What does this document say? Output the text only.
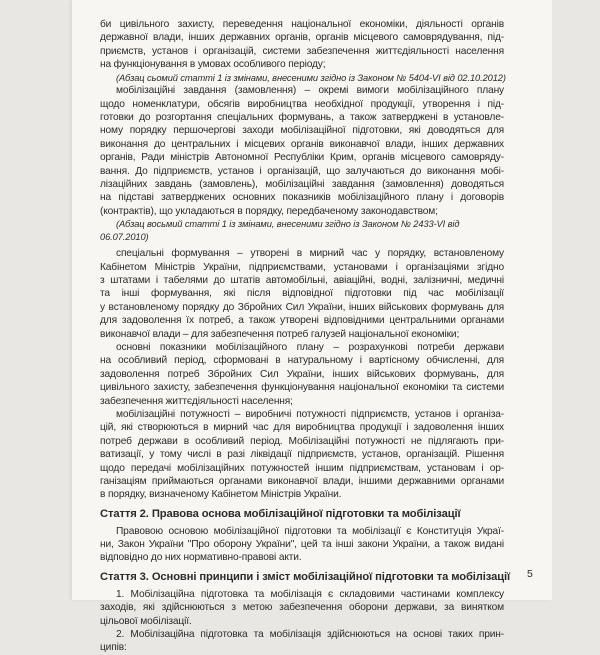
би цивільного захисту, переведення національної економіки, діяльності органів
державної влади, інших державних органів, органів місцевого самоврядування, під-
приємств, установ і організацій, системи забезпечення життєдіяльності населення
на функціонування в умовах особливого періоду;
(Абзац сьомий статті 1 із змінами, внесеними згідно із Законом № 5404-VI від 02.10.2012)
мобілізаційні завдання (замовлення) – окремі вимоги мобілізаційного плану
щодо номенклатури, обсягів виробництва необхідної продукції, утворення і під-
готовки до розгортання спеціальних формувань, а також затверджені в установле-
ному порядку першочергові заходи мобілізаційної підготовки, які доводяться для
виконання до центральних і місцевих органів виконавчої влади, інших державних
органів, Ради міністрів Автономної Республіки Крим, органів місцевого самовряду-
вання. До підприємств, установ і організацій, що залучаються до виконання мобі-
лізаційних завдань (замовлень), мобілізаційні завдання (замовлення) доводяться
на підставі затверджених основних показників мобілізаційного плану і договорів
(контрактів), що укладаються в порядку, передбаченому законодавством;
(Абзац восьмий статті 1 із змінами, внесеними згідно із Законом № 2433-VI від
06.07.2010)
спеціальні формування – утворені в мирний час у порядку, встановленому
Кабінетом Міністрів України, підприємствами, установами і організаціями згідно
з штатами і табелями до штатів автомобільні, авіаційні, водні, залізничні, медичні
та інші формування, які після відповідної підготовки під час мобілізації
у встановленому порядку до Збройних Сил України, інших військових формувань для
для задоволення їх потреб, а також утворені відповідними центральними органами
виконавчої влади – для забезпечення потреб галузей національної економіки;
основні показники мобілізаційного плану – розрахункові потреби держави
на особливий період, сформовані в натуральному і вартісному обчисленні, для
задоволення потреб Збройних Сил України, інших військових формувань, для
цивільного захисту, забезпечення функціонування національної економіки та системи
забезпечення життєдіяльності населення;
мобілізаційні потужності – виробничі потужності підприємств, установ і організа-
цій, які створюються в мирний час для виробництва продукції і задоволення інших
потреб держави в особливий період. Мобілізаційні потужності не підлягають при-
ватизації, у тому числі в разі ліквідації підприємств, установ, організацій. Рішення
щодо передачі мобілізаційних потужностей іншим підприємствам, установам і ор-
ганізаціям приймаються органами виконавчої влади, іншими державними органами
в порядку, визначеному Кабінетом Міністрів України.
Стаття 2. Правова основа мобілізаційної підготовки та мобілізації
Правовою основою мобілізаційної підготовки та мобілізації є Конституція Украї-
ни, Закон України "Про оборону України", цей та інші закони України, а також видані
відповідно до них нормативно-правові акти.
Стаття 3. Основні принципи і зміст мобілізаційної підготовки та мобілізації
1. Мобілізаційна підготовка та мобілізація є складовими частинами комплексу
заходів, які здійснюються з метою забезпечення оборони держави, за винятком
цільової мобілізації.
2. Мобілізаційна підготовка та мобілізація здійснюються на основі таких прин-
ципів:
5
